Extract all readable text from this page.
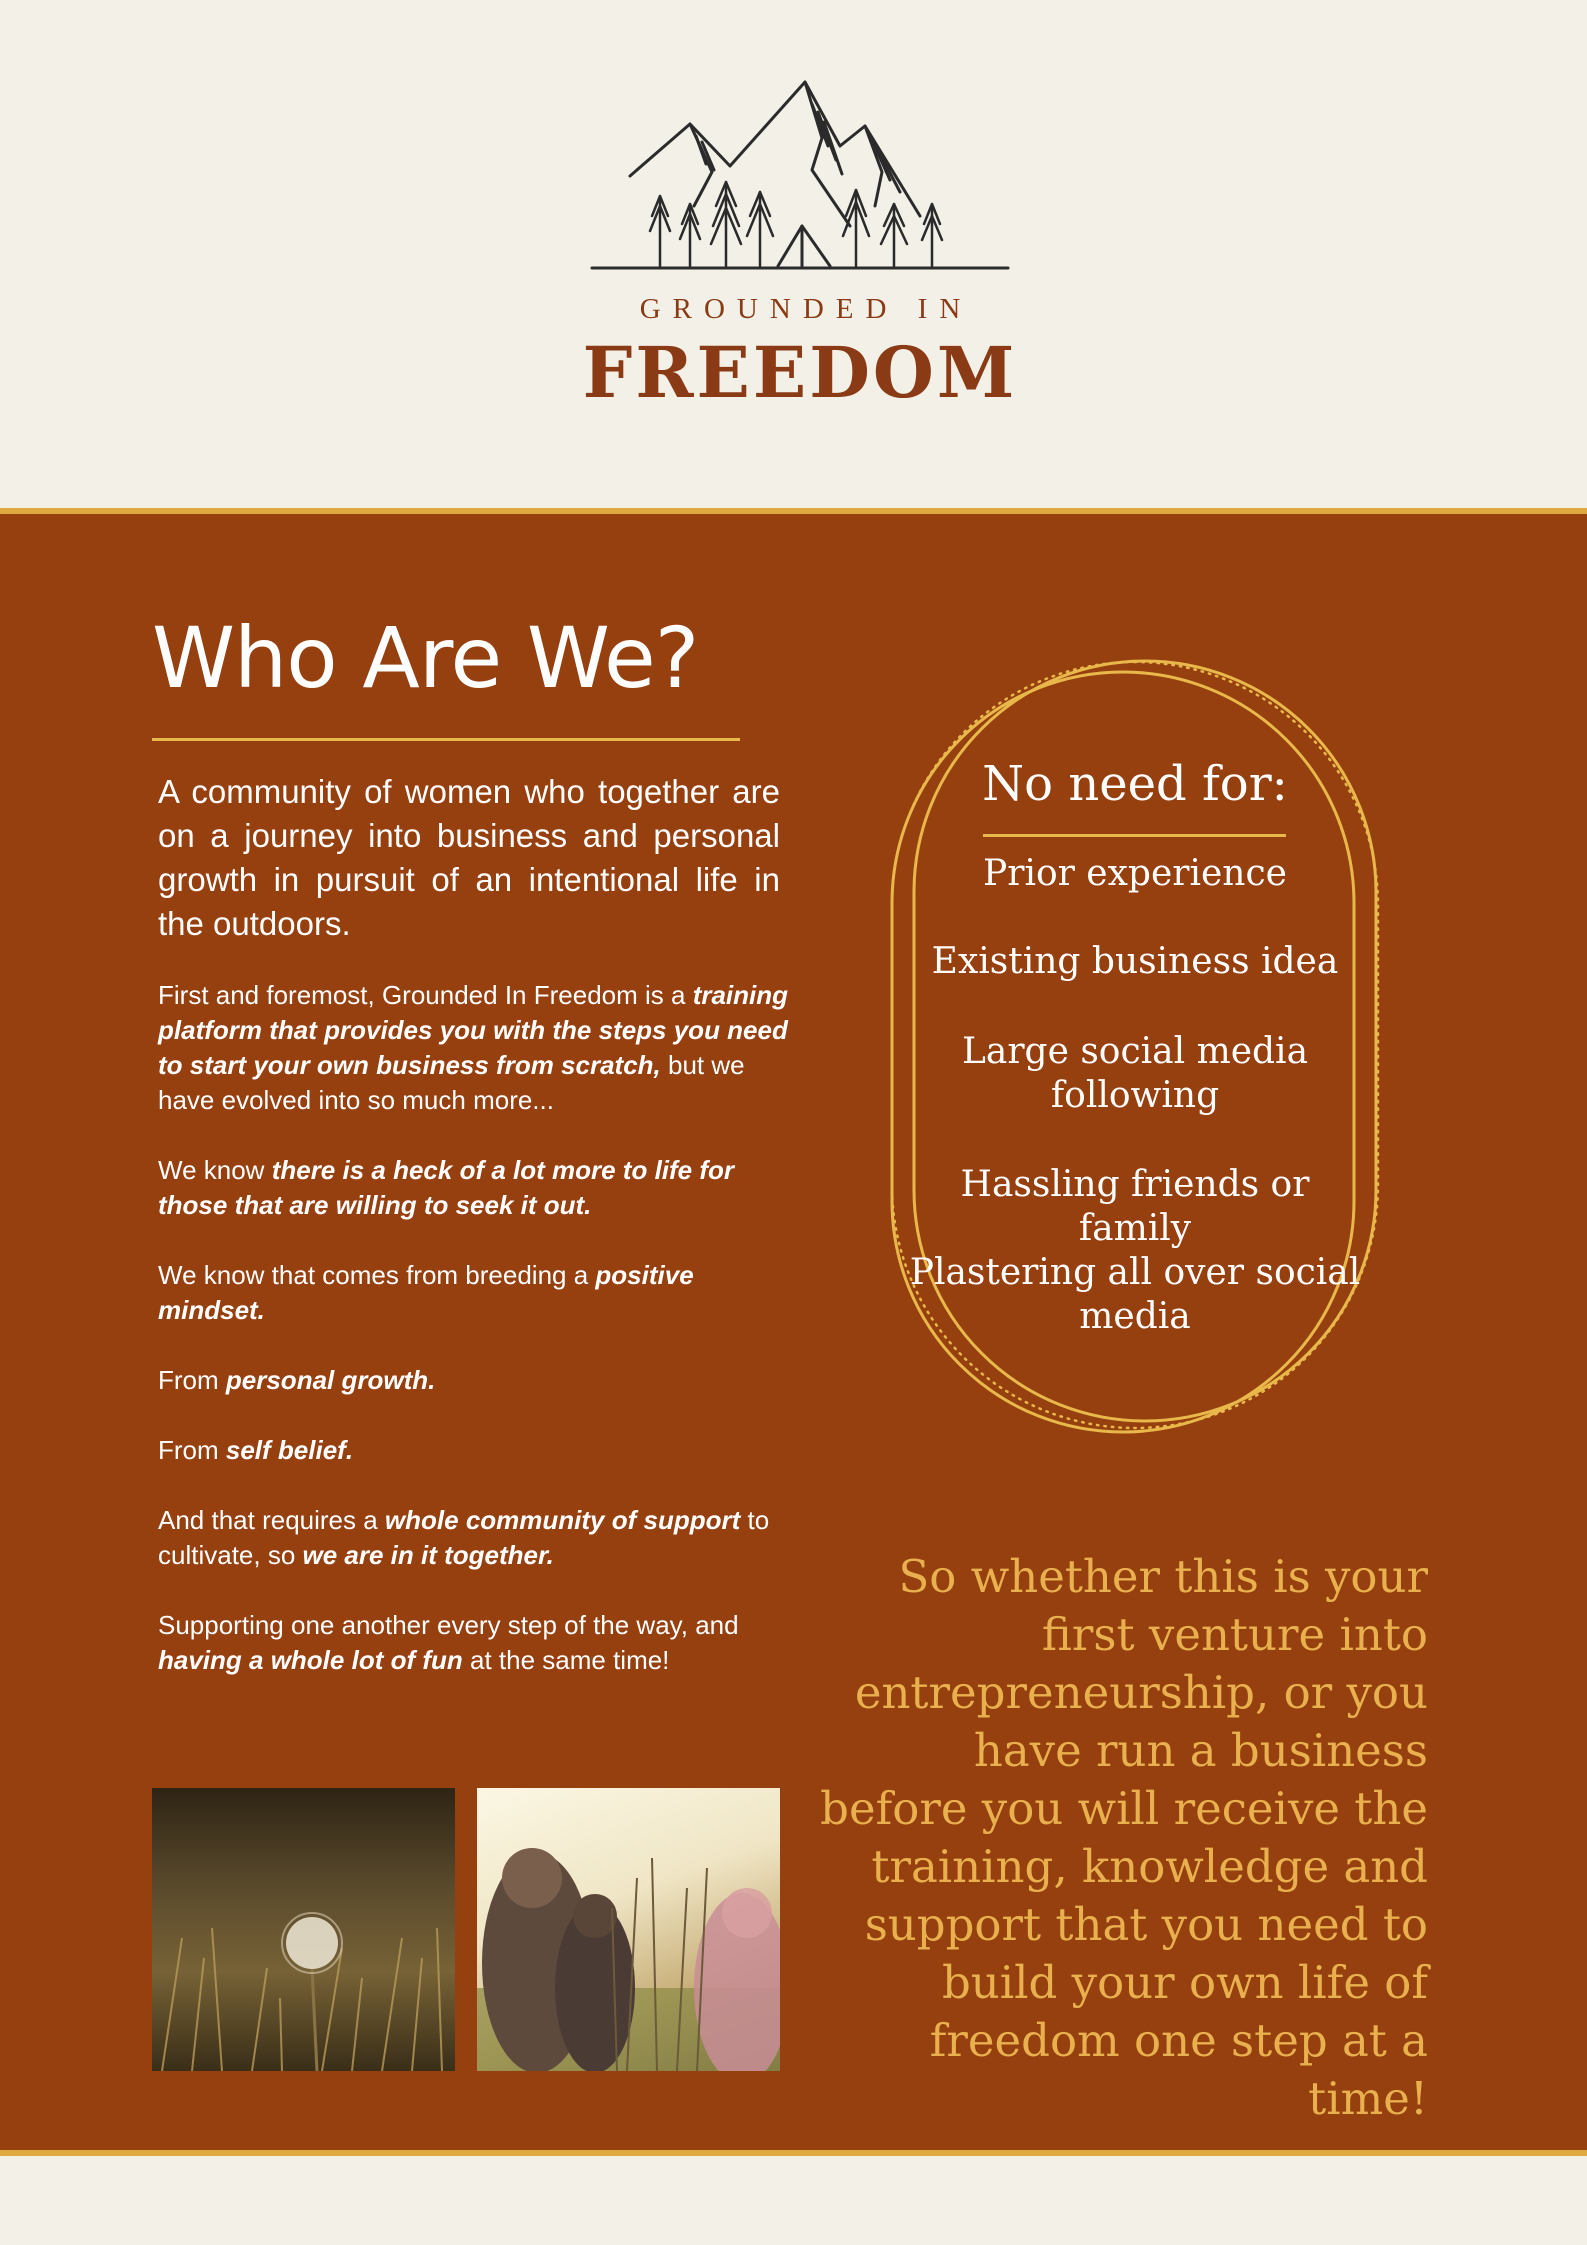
GROUNDED IN
FREEDOM
Who Are We?

A community of women who together are on a journey into business and personal growth in pursuit of an intentional life in the outdoors.

First and foremost, Grounded In Freedom is a training platform that provides you with the steps you need to start your own business from scratch, but we have evolved into so much more...

We know there is a heck of a lot more to life for those that are willing to seek it out.

We know that comes from breeding a positive mindset.

From personal growth.

From self belief.

And that requires a whole community of support to cultivate, so we are in it together.

Supporting one another every step of the way, and having a whole lot of fun at the same time!

No need for:
Prior experience
Existing business idea
Large social media following
Hassling friends or family
Plastering all over social media

So whether this is your first venture into entrepreneurship, or you have run a business before you will receive the training, knowledge and support that you need to build your own life of freedom one step at a time!
